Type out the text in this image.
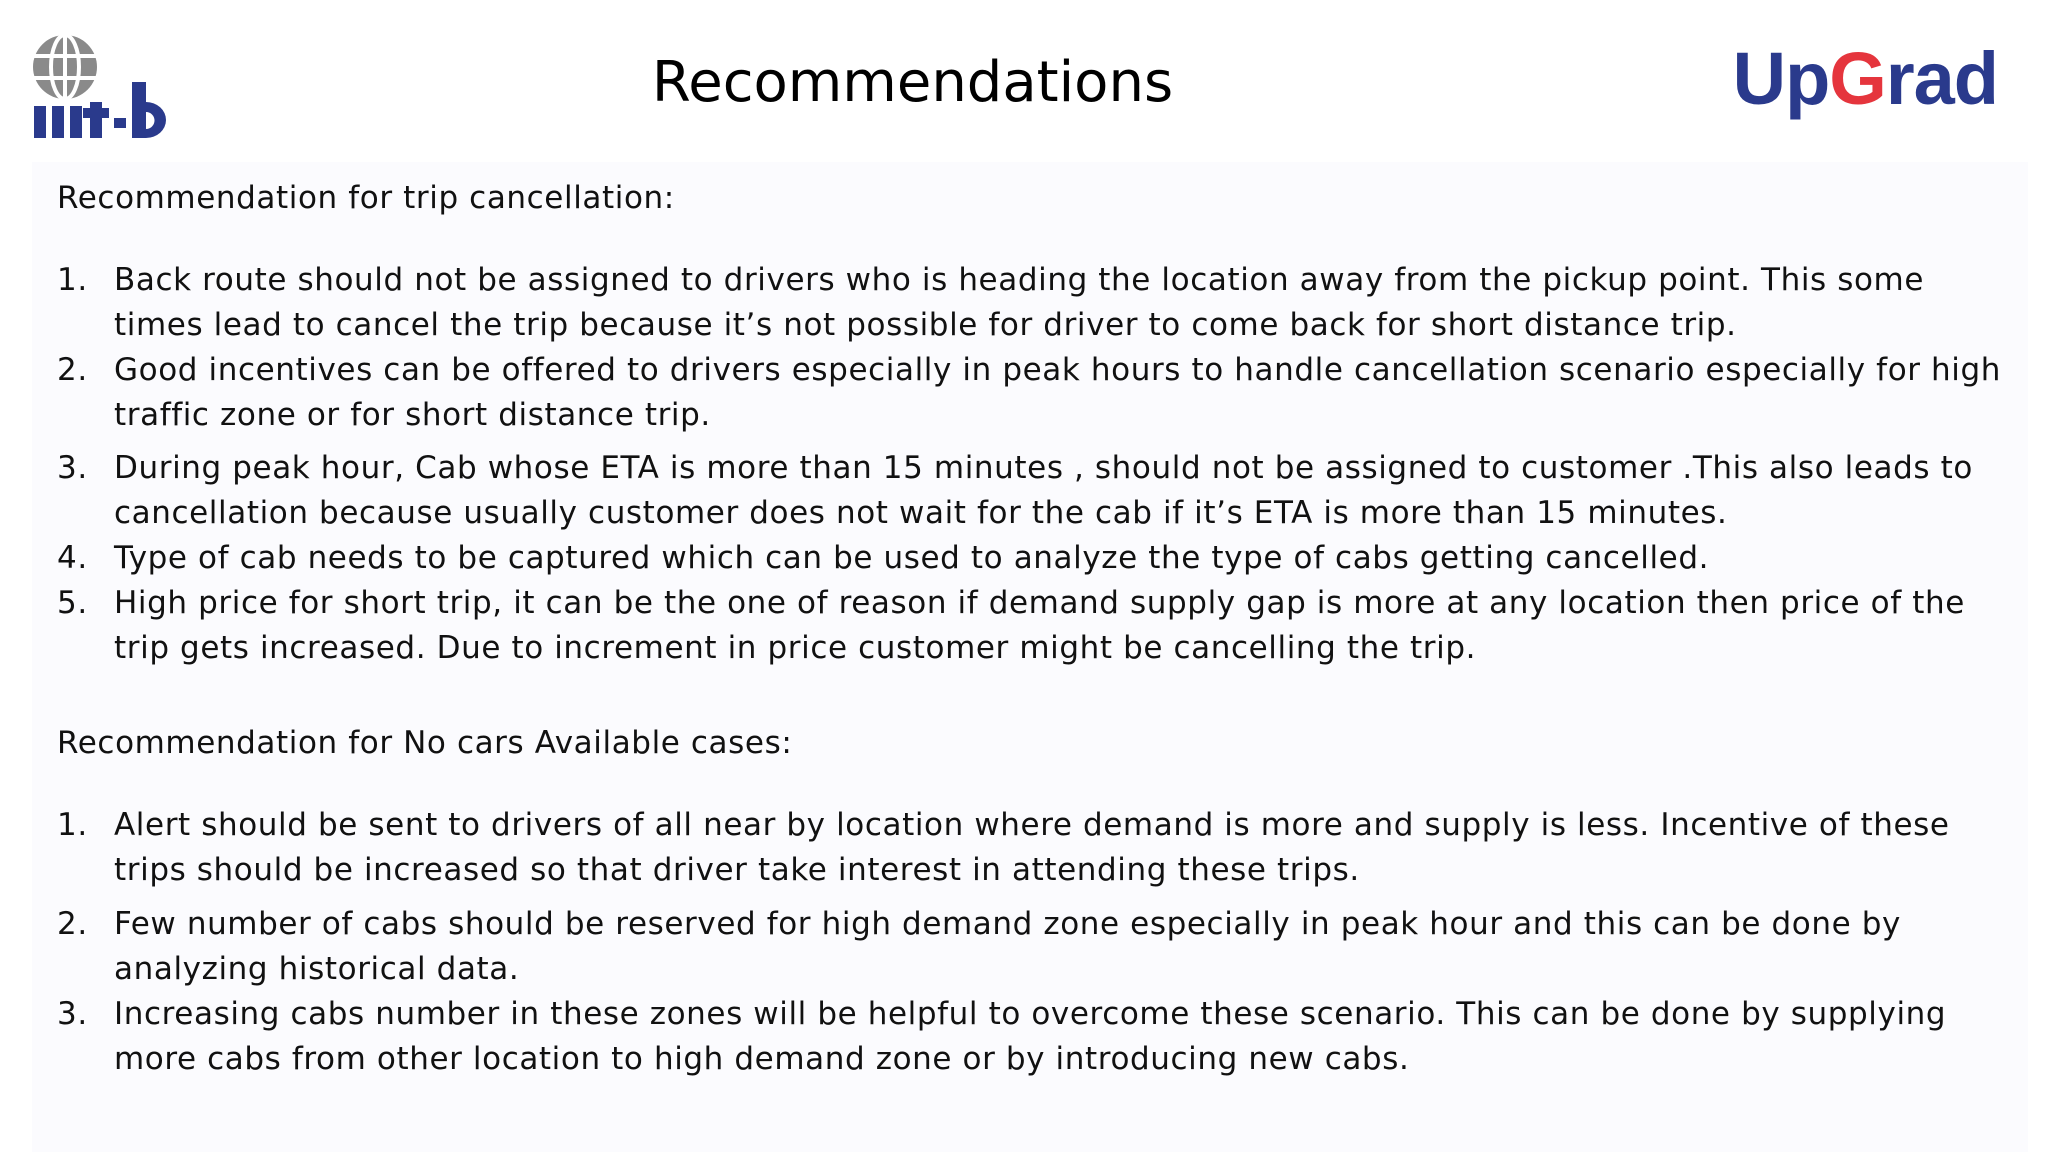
Recommendations	UpGrad

Recommendation for trip cancellation:

1. Back route should not be assigned to drivers who is heading the location away from the pickup point. This some times lead to cancel the trip because it’s not possible for driver to come back for short distance trip.
2. Good incentives can be offered to drivers especially in peak hours to handle cancellation scenario especially for high traffic zone or for short distance trip.
3. During peak hour, Cab whose ETA is more than 15 minutes , should not be assigned to customer .This also leads to cancellation because usually customer does not wait for the cab if it’s ETA is more than 15 minutes.
4. Type of cab needs to be captured which can be used to analyze the type of cabs getting cancelled.
5. High price for short trip, it can be the one of reason if demand supply gap is more at any location then price of the trip gets increased. Due to increment in price customer might be cancelling the trip.

Recommendation for No cars Available cases:

1. Alert should be sent to drivers of all near by location where demand is more and supply is less. Incentive of these trips should be increased so that driver take interest in attending these trips.
2. Few number of cabs should be reserved for high demand zone especially in peak hour and this can be done by analyzing historical data.
3. Increasing cabs number in these zones will be helpful to overcome these scenario. This can be done by supplying more cabs from other location to high demand zone or by introducing new cabs.
